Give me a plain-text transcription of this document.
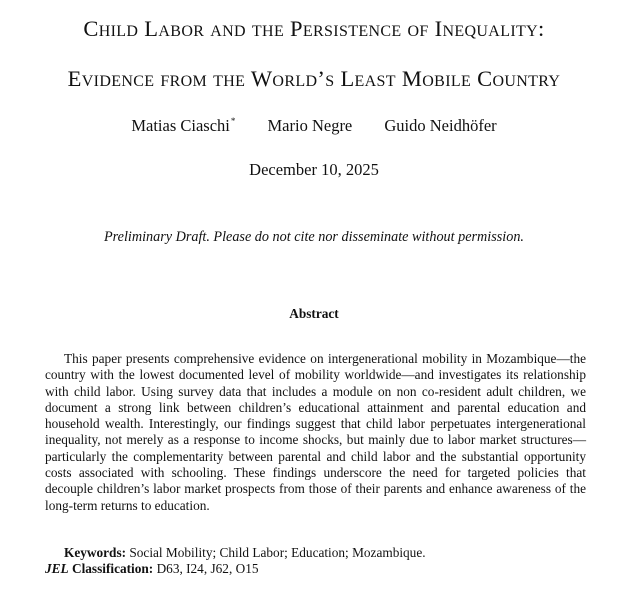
Child Labor and the Persistence of Inequality:
Evidence from the World’s Least Mobile Country
Matias Ciaschi* Mario Negre Guido Neidhöfer
December 10, 2025
Preliminary Draft. Please do not cite nor disseminate without permission.
Abstract

This paper presents comprehensive evidence on intergenerational mobility in Mozambique—the country with the lowest documented level of mobility worldwide—and investigates its relationship with child labor. Using survey data that includes a module on non co-resident adult children, we document a strong link between children’s educational attainment and parental education and household wealth. Interestingly, our findings suggest that child labor perpetuates intergenerational inequality, not merely as a response to income shocks, but mainly due to labor market structures—particularly the complementarity between parental and child labor and the substantial opportunity costs associated with schooling. These findings underscore the need for targeted policies that decouple children’s labor market prospects from those of their parents and enhance awareness of the long-term returns to education.

Keywords: Social Mobility; Child Labor; Education; Mozambique.
JEL Classification: D63, I24, J62, O15
